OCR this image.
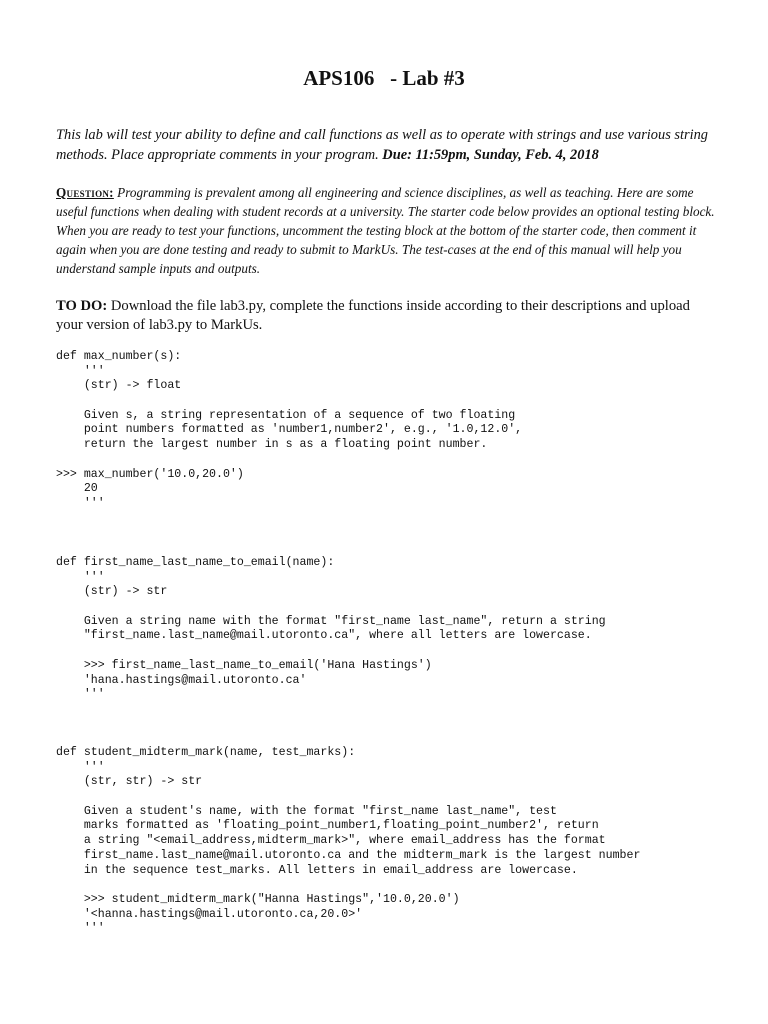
APS106   - Lab #3
This lab will test your ability to define and call functions as well as to operate with strings and use various string methods. Place appropriate comments in your program. Due: 11:59pm, Sunday, Feb. 4, 2018
Question: Programming is prevalent among all engineering and science disciplines, as well as teaching. Here are some useful functions when dealing with student records at a university. The starter code below provides an optional testing block. When you are ready to test your functions, uncomment the testing block at the bottom of the starter code, then comment it again when you are done testing and ready to submit to MarkUs. The test-cases at the end of this manual will help you understand sample inputs and outputs.
TO DO: Download the file lab3.py, complete the functions inside according to their descriptions and upload your version of lab3.py to MarkUs.
def max_number(s):
'''
(str) -> float

Given s, a string representation of a sequence of two floating
point numbers formatted as 'number1,number2', e.g., '1.0,12.0',
return the largest number in s as a floating point number.

>>> max_number('10.0,20.0')
20
'''
def first_name_last_name_to_email(name):
'''
(str) -> str

Given a string name with the format "first_name last_name", return a string
"first_name.last_name@mail.utoronto.ca", where all letters are lowercase.

>>> first_name_last_name_to_email('Hana Hastings')
'hana.hastings@mail.utoronto.ca'
'''
def student_midterm_mark(name, test_marks):
'''
(str, str) -> str

Given a student's name, with the format "first_name last_name", test
marks formatted as 'floating_point_number1,floating_point_number2', return
a string "<email_address,midterm_mark>", where email_address has the format
first_name.last_name@mail.utoronto.ca and the midterm_mark is the largest number
in the sequence test_marks. All letters in email_address are lowercase.

>>> student_midterm_mark("Hanna Hastings",'10.0,20.0')
'<hanna.hastings@mail.utoronto.ca,20.0>'
'''
